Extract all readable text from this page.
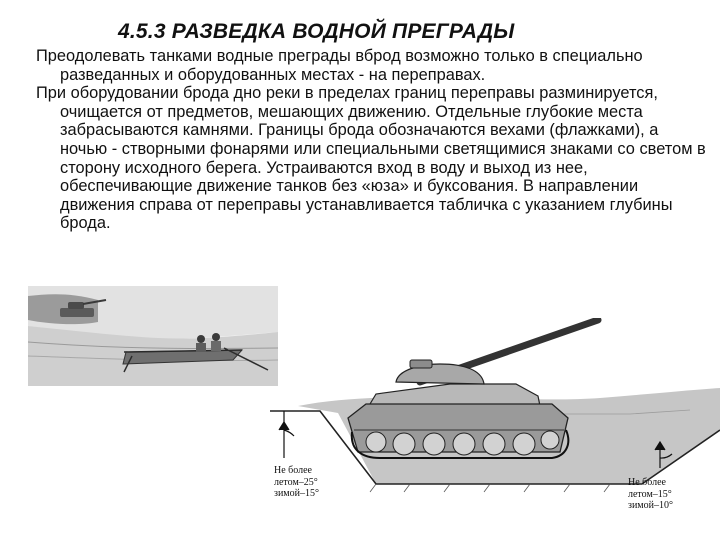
4.5.3 РАЗВЕДКА ВОДНОЙ ПРЕГРАДЫ

Преодолевать танками водные преграды вброд возможно только в специально разведанных и оборудованных местах - на переправах.

При оборудовании брода дно реки в пределах границ переправы разминируется, очищается от предметов, мешающих движению. Отдельные глубокие места забрасываются камнями. Границы брода обозначаются вехами (флажками), а ночью - створными фонарями или специальными светящимися знаками со светом в сторону исходного берега. Устраиваются вход в воду и выход из нее, обеспечивающие движение танков без «юза» и буксования. В направлении движения справа от переправы устанавливается табличка с указанием глубины брода.

Не более
летом–25°
зимой–15°
Не более
летом–15°
зимой–10°
